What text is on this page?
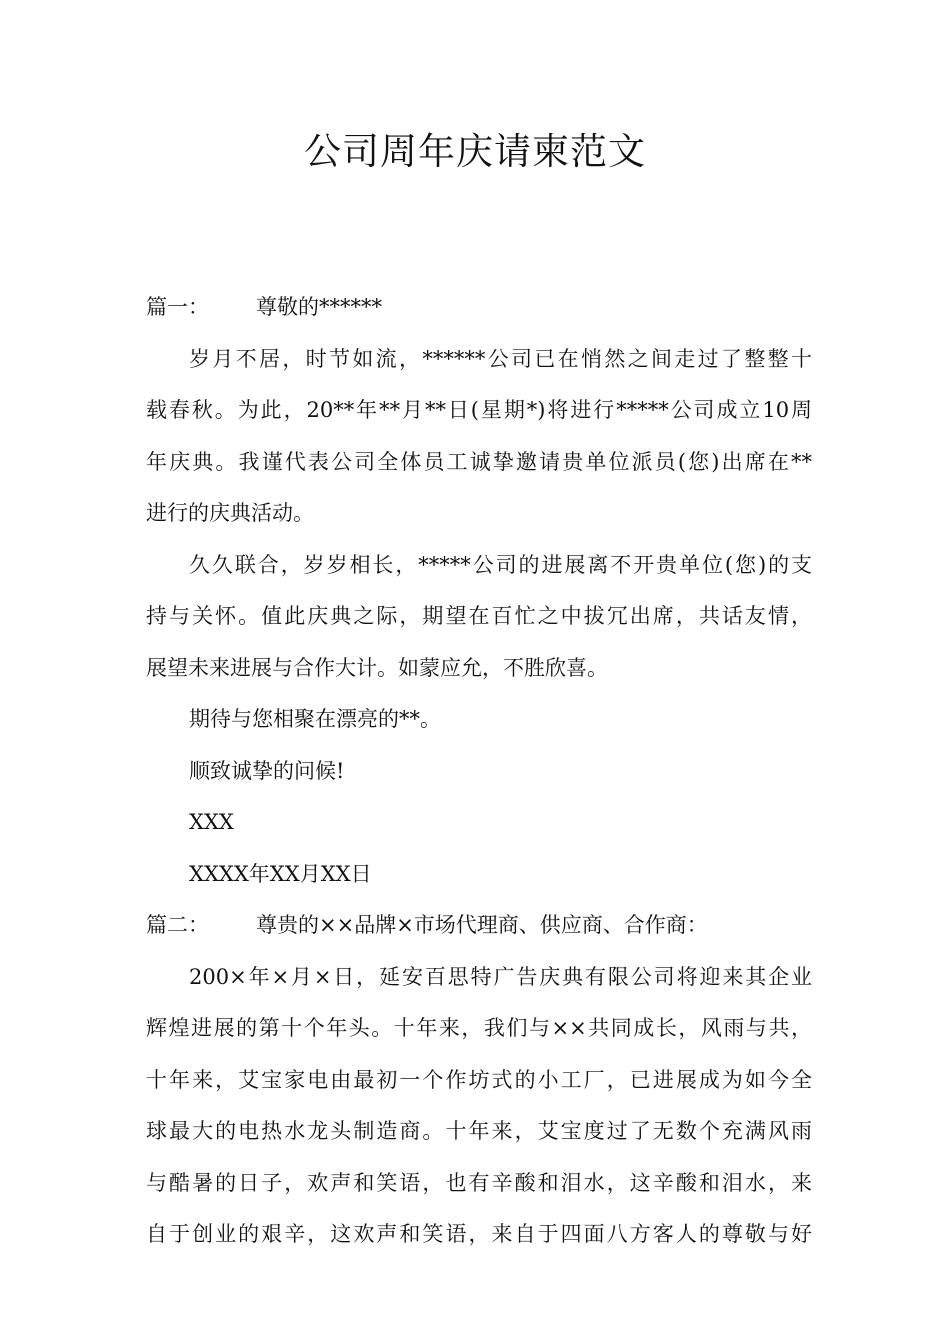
公司周年庆请柬范文
篇一： 尊敬的******
岁月不居，时节如流，******公司已在悄然之间走过了整整十
载春秋。为此，20**年**月**日(星期*)将进行*****公司成立10周
年庆典。我谨代表公司全体员工诚挚邀请贵单位派员(您)出席在**
进行的庆典活动。
久久联合，岁岁相长，*****公司的进展离不开贵单位(您)的支
持与关怀。值此庆典之际，期望在百忙之中拔冗出席，共话友情，
展望未来进展与合作大计。如蒙应允，不胜欣喜。
期待与您相聚在漂亮的**。
顺致诚挚的问候!
XXX
XXXX年XX月XX日
篇二： 尊贵的××品牌×市场代理商、供应商、合作商：
200×年×月×日，延安百思特广告庆典有限公司将迎来其企业
辉煌进展的第十个年头。十年来，我们与××共同成长，风雨与共，
十年来，艾宝家电由最初一个作坊式的小工厂，已进展成为如今全
球最大的电热水龙头制造商。十年来，艾宝度过了无数个充满风雨
与酷暑的日子，欢声和笑语，也有辛酸和泪水，这辛酸和泪水，来
自于创业的艰辛，这欢声和笑语，来自于四面八方客人的尊敬与好
